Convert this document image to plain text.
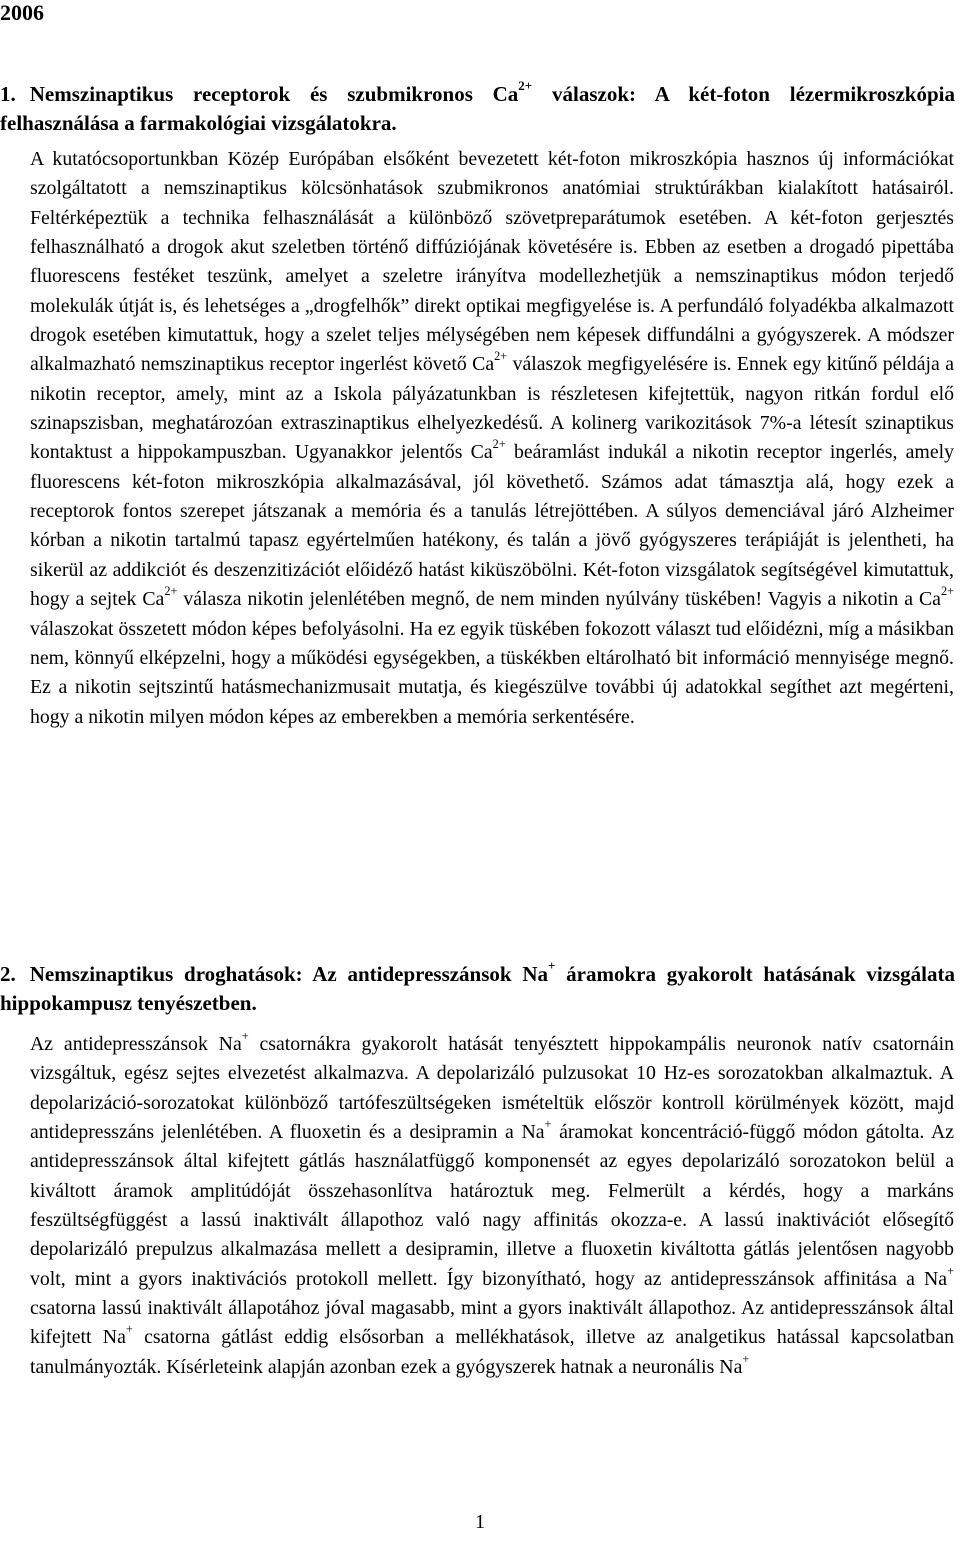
2006
1. Nemszinaptikus receptorok és szubmikronos $Ca^{2+}$ válaszok: A két-foton lézermikroszkópia felhasználása a farmakológiai vizsgálatokra.
A kutatócsoportunkban Közép Európában elsőként bevezetett két-foton mikroszkópia hasznos új információkat szolgáltatott a nemszinaptikus kölcsönhatások szubmikronos anatómiai struktúrákban kialakított hatásairól. Feltérképeztük a technika felhasználását a különböző szövetpreparátumok esetében. A két-foton gerjesztés felhasználható a drogok akut szeletben történő diffúziójának követésére is. Ebben az esetben a drogadó pipettába fluorescens festéket teszünk, amelyet a szeletre irányítva modellezhetjük a nemszinaptikus módon terjedő molekulák útját is, és lehetséges a „drogfelhők” direkt optikai megfigyelése is. A perfundáló folyadékba alkalmazott drogok esetében kimutattuk, hogy a szelet teljes mélységében nem képesek diffundálni a gyógyszerek. A módszer alkalmazható nemszinaptikus receptor ingerlést követő $Ca^{2+}$ válaszok megfigyelésére is. Ennek egy kitűnő példája a nikotin receptor, amely, mint az a Iskola pályázatunkban is részletesen kifejtettük, nagyon ritkán fordul elő szinapszisban, meghatározóan extraszinaptikus elhelyezkedésű. A kolinerg varikozitások 7%-a létesít szinaptikus kontaktust a hippokampuszban. Ugyanakkor jelentős $Ca^{2+}$ beáramlást indukál a nikotin receptor ingerlés, amely fluorescens két-foton mikroszkópia alkalmazásával, jól követhető. Számos adat támasztja alá, hogy ezek a receptorok fontos szerepet játszanak a memória és a tanulás létrejöttében. A súlyos demenciával járó Alzheimer kórban a nikotin tartalmú tapasz egyértelműen hatékony, és talán a jövő gyógyszeres terápiáját is jelentheti, ha sikerül az addikciót és deszenzitizációt előidéző hatást kiküszöbölni. Két-foton vizsgálatok segítségével kimutattuk, hogy a sejtek $Ca^{2+}$ válasza nikotin jelenlétében megnő, de nem minden nyúlvány tüskében! Vagyis a nikotin a $Ca^{2+}$ válaszokat összetett módon képes befolyásolni. Ha ez egyik tüskében fokozott választ tud előidézni, míg a másikban nem, könnyű elképzelni, hogy a működési egységekben, a tüskékben eltárolható bit információ mennyisége megnő. Ez a nikotin sejtszintű hatásmechanizmusait mutatja, és kiegészülve további új adatokkal segíthet azt megérteni, hogy a nikotin milyen módon képes az emberekben a memória serkentésére.
2. Nemszinaptikus droghatások: Az antidepresszánsok Na+ áramokra gyakorolt hatásának vizsgálata hippokampusz tenyészetben.
Az antidepresszánsok Na+ csatornákra gyakorolt hatását tenyésztett hippokampális neuronok natív csatornáin vizsgáltuk, egész sejtes elvezetést alkalmazva. A depolarizáló pulzusokat 10 Hz-es sorozatokban alkalmaztuk. A depolarizáció-sorozatokat különböző tartófeszültségeken ismételtük először kontroll körülmények között, majd antidepresszáns jelenlétében. A fluoxetin és a desipramin a Na+ áramokat koncentráció-függő módon gátolta. Az antidepresszánsok által kifejtett gátlás használatfüggő komponensét az egyes depolarizáló sorozatokon belül a kiváltott áramok amplitúdóját összehasonlítva határoztuk meg. Felmerült a kérdés, hogy a markáns feszültségfüggést a lassú inaktivált állapothoz való nagy affinitás okozza-e. A lassú inaktivációt elősegítő depolarizáló prepulzus alkalmazása mellett a desipramin, illetve a fluoxetin kiváltotta gátlás jelentősen nagyobb volt, mint a gyors inaktivációs protokoll mellett. Így bizonyítható, hogy az antidepresszánsok affinitása a Na+ csatorna lassú inaktivált állapotához jóval magasabb, mint a gyors inaktivált állapothoz. Az antidepresszánsok által kifejtett Na+ csatorna gátlást eddig elsősorban a mellékhatások, illetve az analgetikus hatással kapcsolatban tanulmányozták. Kísérleteink alapján azonban ezek a gyógyszerek hatnak a neuronális Na+
1
